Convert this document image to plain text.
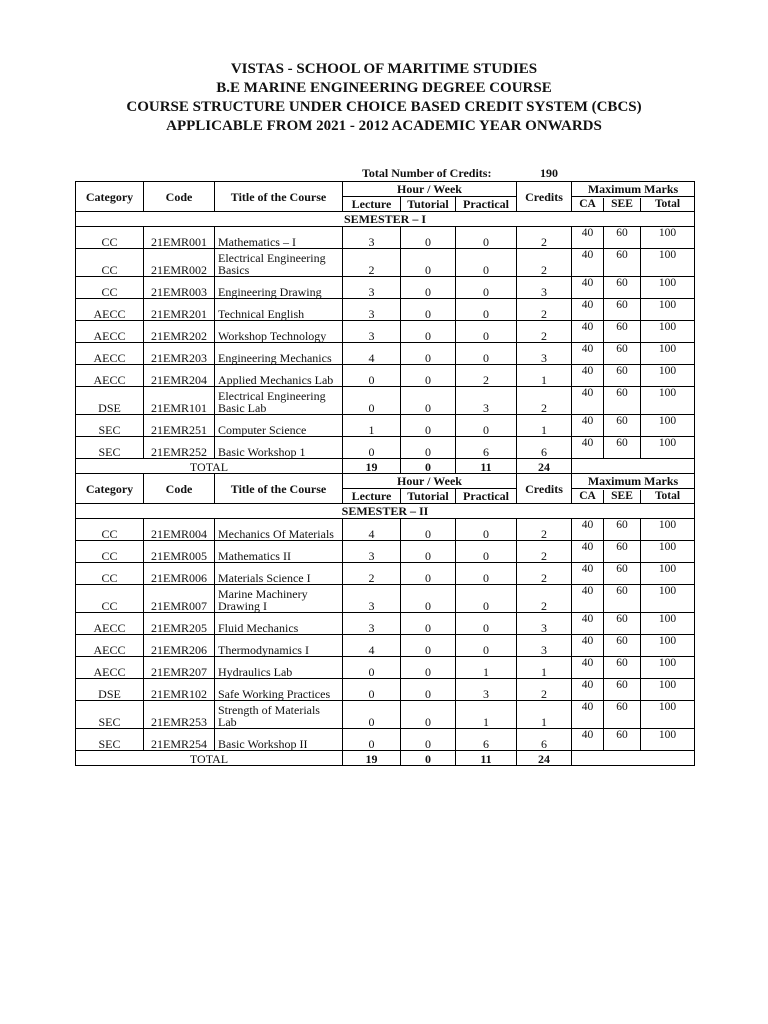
VISTAS - SCHOOL OF MARITIME STUDIES
B.E MARINE ENGINEERING DEGREE COURSE
COURSE STRUCTURE UNDER CHOICE BASED CREDIT SYSTEM (CBCS)
APPLICABLE FROM 2021 - 2012 ACADEMIC YEAR ONWARDS
Total Number of Credits:	190
Category	Code	Title of the Course	Hour / Week			Credits	Maximum Marks
			Lecture	Tutorial	Practical		CA SEE Total

SEMESTER – I							
CC	21EMR001	Mathematics – I	3	0	0	2	40 60 100

CC	21EMR002	Electrical Engineering Basics	2	0	0	2	40 60 100

CC	21EMR003	Engineering Drawing	3	0	0	3	40 60 100

AECC	21EMR201	Technical English	3	0	0	2	40 60 100

AECC	21EMR202	Workshop Technology	3	0	0	2	40 60 100

AECC	21EMR203	Engineering Mechanics	4	0	0	3	40 60 100

AECC	21EMR204	Applied Mechanics Lab	0	0	2	1	40 60 100

DSE	21EMR101	Electrical Engineering Basic Lab	0	0	3	2	40 60 100

SEC	21EMR251	Computer Science	1	0	0	1	40 60 100

SEC	21EMR252	Basic Workshop 1	0	0	6	6	40 60 100

TOTAL			19	0	11	24	
Category	Code	Title of the Course	Hour / Week			Credits	Maximum Marks
			Lecture	Tutorial	Practical		CA SEE Total

SEMESTER – II							
CC	21EMR004	Mechanics Of Materials	4	0	0	2	40 60 100

CC	21EMR005	Mathematics II	3	0	0	2	40 60 100

CC	21EMR006	Materials Science I	2	0	0	2	40 60 100

CC	21EMR007	Marine Machinery Drawing I	3	0	0	2	40 60 100

AECC	21EMR205	Fluid Mechanics	3	0	0	3	40 60 100

AECC	21EMR206	Thermodynamics I	4	0	0	3	40 60 100

AECC	21EMR207	Hydraulics Lab	0	0	1	1	40 60 100

DSE	21EMR102	Safe Working Practices	0	0	3	2	40 60 100

SEC	21EMR253	Strength of Materials Lab	0	0	1	1	40 60 100

SEC	21EMR254	Basic Workshop II	0	0	6	6	40 60 100

TOTAL			19	0	11	24	
